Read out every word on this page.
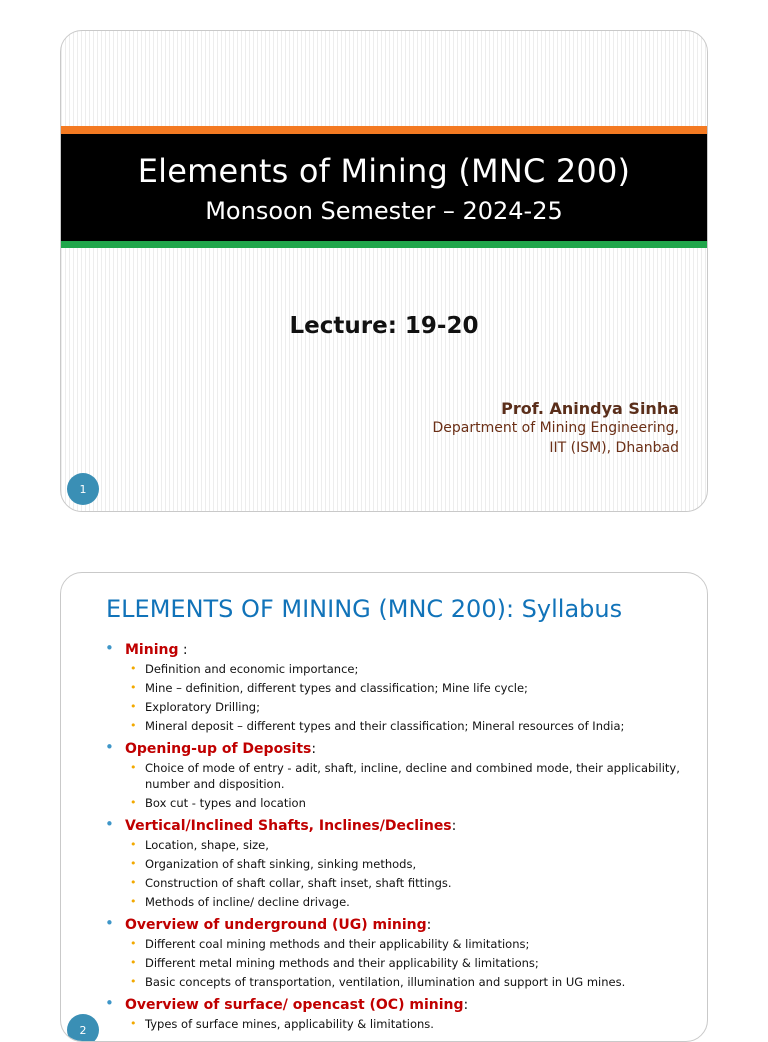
Elements of Mining (MNC 200)
Monsoon Semester – 2024-25
Lecture: 19-20
Prof. Anindya Sinha
Department of Mining Engineering,
IIT (ISM), Dhanbad
1
ELEMENTS OF MINING (MNC 200): Syllabus
• Mining :
• Definition and economic importance;
• Mine – definition, different types and classification; Mine life cycle;
• Exploratory Drilling;
• Mineral deposit – different types and their classification; Mineral resources of India;
• Opening-up of Deposits:
• Choice of mode of entry - adit, shaft, incline, decline and combined mode, their applicability, number and disposition.
• Box cut - types and location
• Vertical/Inclined Shafts, Inclines/Declines:
• Location, shape, size,
• Organization of shaft sinking, sinking methods,
• Construction of shaft collar, shaft inset, shaft fittings.
• Methods of incline/ decline drivage.
• Overview of underground (UG) mining:
• Different coal mining methods and their applicability & limitations;
• Different metal mining methods and their applicability & limitations;
• Basic concepts of transportation, ventilation, illumination and support in UG mines.
• Overview of surface/ opencast (OC) mining:
• Types of surface mines, applicability & limitations.
2
